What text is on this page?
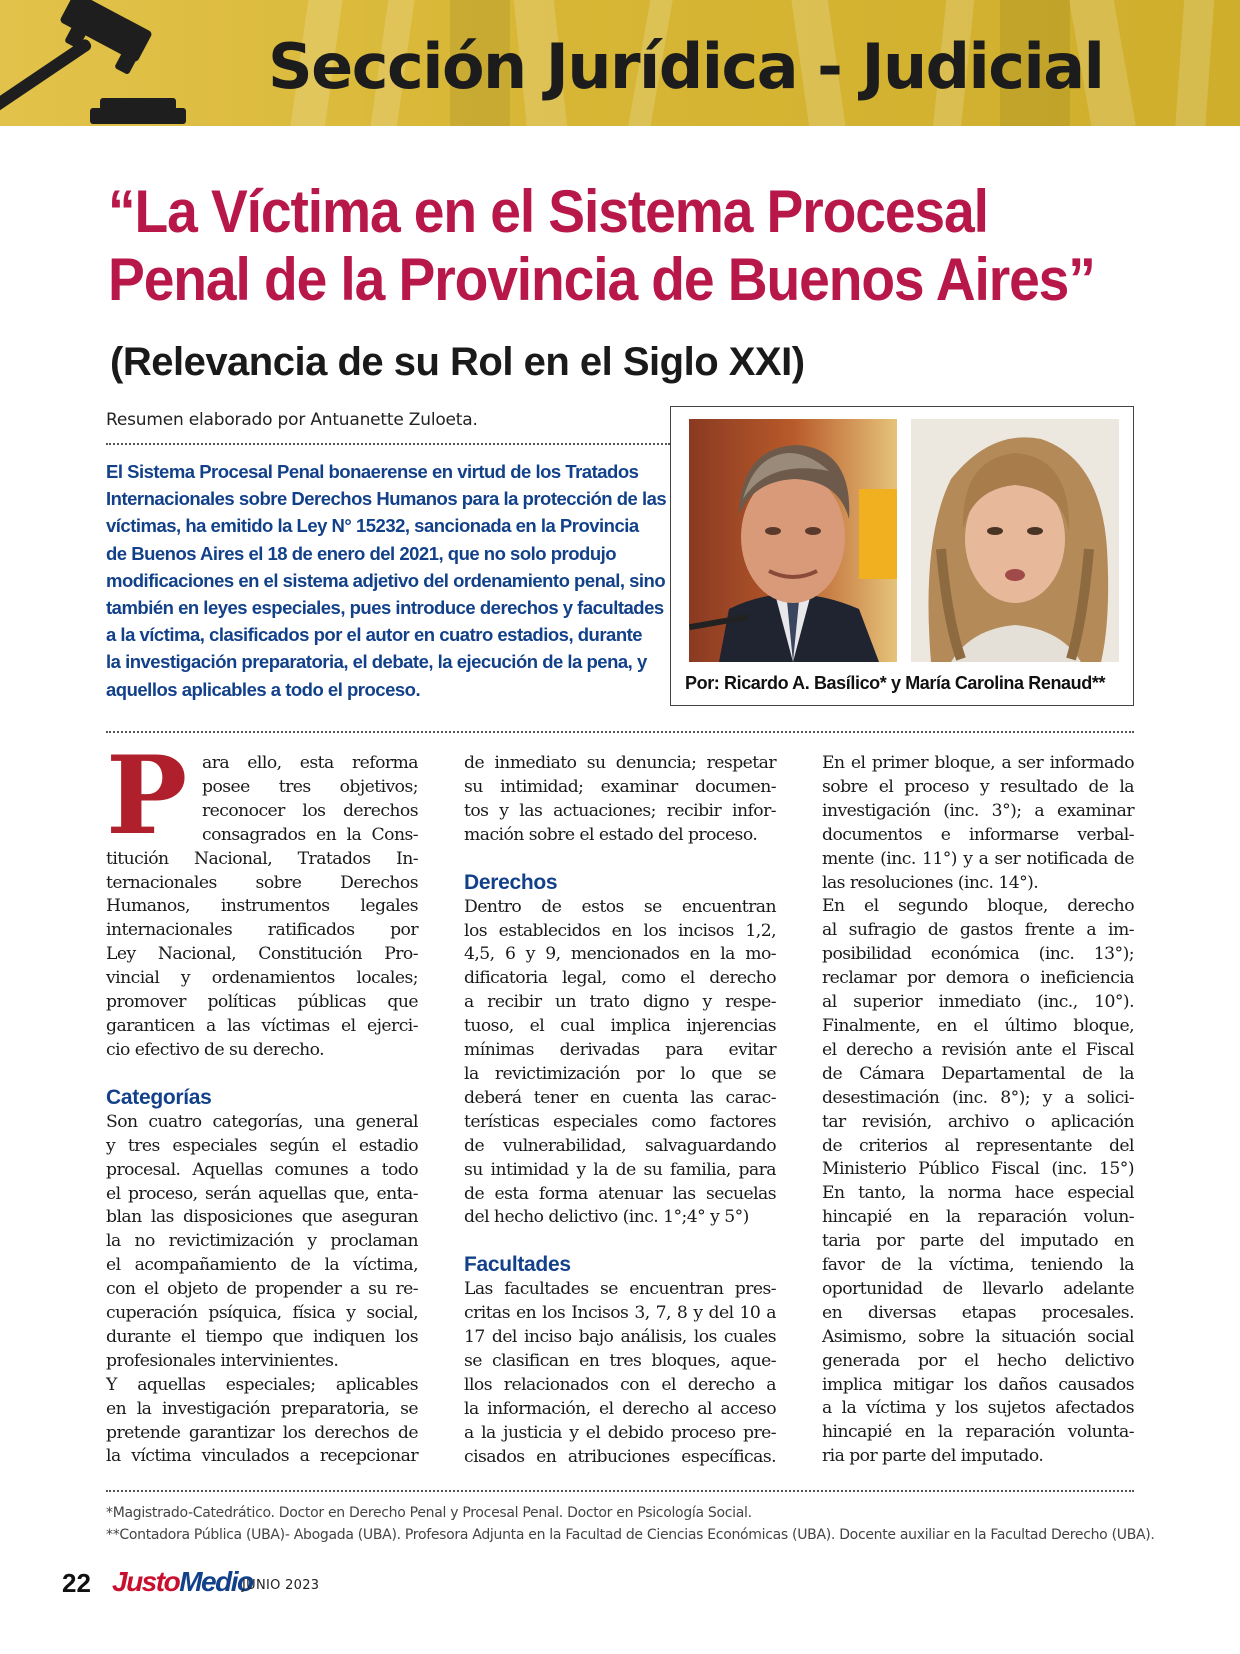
Sección Jurídica - Judicial
“La Víctima en el Sistema Procesal
Penal de la Provincia de Buenos Aires”
(Relevancia de su Rol en el Siglo XXI)
Resumen elaborado por Antuanette Zuloeta.
El Sistema Procesal Penal bonaerense en virtud de los Tratados
Internacionales sobre Derechos Humanos para la protección de las
víctimas, ha emitido la Ley N° 15232, sancionada en la Provincia
de Buenos Aires el 18 de enero del 2021, que no solo produjo
modificaciones en el sistema adjetivo del ordenamiento penal, sino
también en leyes especiales, pues introduce derechos y facultades
a la víctima, clasificados por el autor en cuatro estadios, durante
la investigación preparatoria, el debate, la ejecución de la pena, y
aquellos aplicables a todo el proceso.	Por: Ricardo A. Basílico* y María Carolina Renaud**
P ara ello, esta reforma
posee tres objetivos;
reconocer los derechos
consagrados en la Cons-
titución Nacional, Tratados In-
ternacionales sobre Derechos
Humanos, instrumentos legales
internacionales ratificados por
Ley Nacional, Constitución Pro-
vincial y ordenamientos locales;
promover políticas públicas que
garanticen a las víctimas el ejerci-
cio efectivo de su derecho.
Categorías
Son cuatro categorías, una general
y tres especiales según el estadio
procesal. Aquellas comunes a todo
el proceso, serán aquellas que, enta-
blan las disposiciones que aseguran
la no revictimización y proclaman
el acompañamiento de la víctima,
con el objeto de propender a su re-
cuperación psíquica, física y social,
durante el tiempo que indiquen los
profesionales intervinientes.
Y aquellas especiales; aplicables
en la investigación preparatoria, se
pretende garantizar los derechos de
la víctima vinculados a recepcionar
de inmediato su denuncia; respetar
su intimidad; examinar documen-
tos y las actuaciones; recibir infor-
mación sobre el estado del proceso.
Derechos
Dentro de estos se encuentran
los establecidos en los incisos 1,2,
4,5, 6 y 9, mencionados en la mo-
dificatoria legal, como el derecho
a recibir un trato digno y respe-
tuoso, el cual implica injerencias
mínimas derivadas para evitar
la revictimización por lo que se
deberá tener en cuenta las carac-
terísticas especiales como factores
de vulnerabilidad, salvaguardando
su intimidad y la de su familia, para
de esta forma atenuar las secuelas
del hecho delictivo (inc. 1°;4° y 5°)
Facultades
Las facultades se encuentran pres-
critas en los Incisos 3, 7, 8 y del 10 a
17 del inciso bajo análisis, los cuales
se clasifican en tres bloques, aque-
llos relacionados con el derecho a
la información, el derecho al acceso
a la justicia y el debido proceso pre-
cisados en atribuciones específicas.
En el primer bloque, a ser informado
sobre el proceso y resultado de la
investigación (inc. 3°); a examinar
documentos e informarse verbal-
mente (inc. 11°) y a ser notificada de
las resoluciones (inc. 14°).
En el segundo bloque, derecho
al sufragio de gastos frente a im-
posibilidad económica (inc. 13°);
reclamar por demora o ineficiencia
al superior inmediato (inc., 10°).
Finalmente, en el último bloque,
el derecho a revisión ante el Fiscal
de Cámara Departamental de la
desestimación (inc. 8°); y a solici-
tar revisión, archivo o aplicación
de criterios al representante del
Ministerio Público Fiscal (inc. 15°)
En tanto, la norma hace especial
hincapié en la reparación volun-
taria por parte del imputado en
favor de la víctima, teniendo la
oportunidad de llevarlo adelante
en diversas etapas procesales.
Asimismo, sobre la situación social
generada por el hecho delictivo
implica mitigar los daños causados
a la víctima y los sujetos afectados
hincapié en la reparación volunta-
ria por parte del imputado.
*Magistrado-Catedrático. Doctor en Derecho Penal y Procesal Penal. Doctor en Psicología Social.
**Contadora Pública (UBA)- Abogada (UBA). Profesora Adjunta en la Facultad de Ciencias Económicas (UBA). Docente auxiliar en la Facultad Derecho (UBA).
22 JustoMedio
JUNIO 2023
